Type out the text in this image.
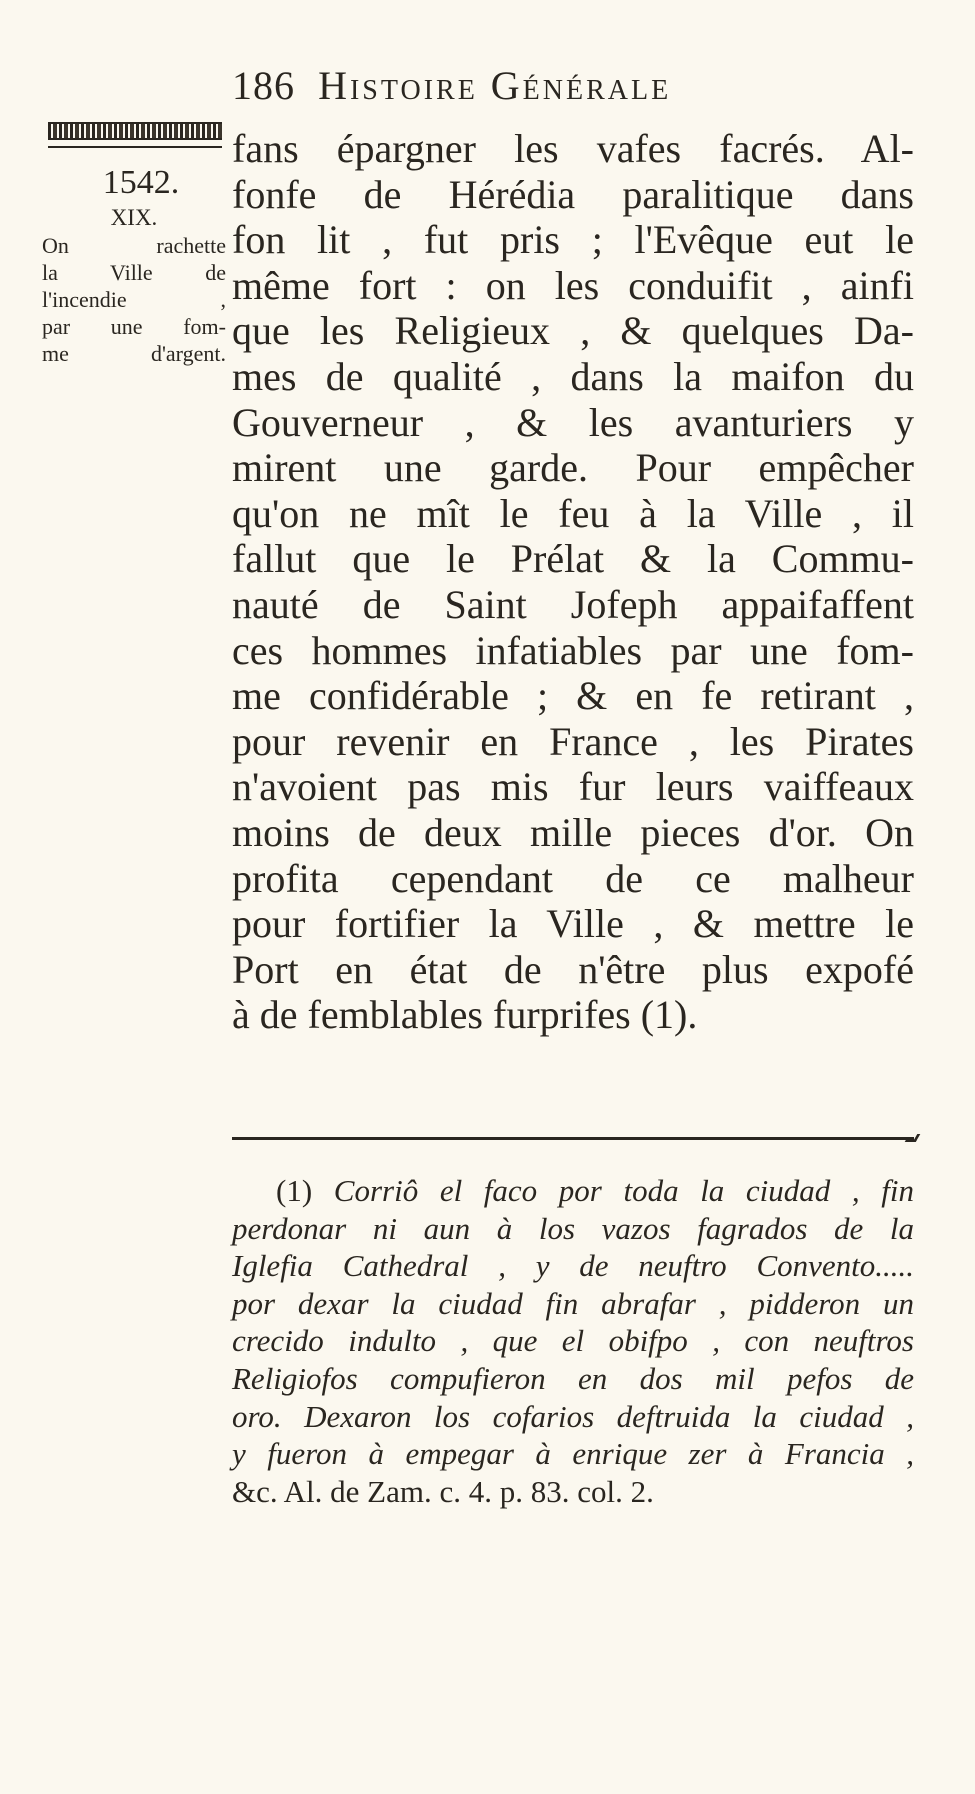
186 Histoire Générale
1542.
XIX.
On rachette
la Ville de
l'incendie ,
par une fom-
me d'argent.
fans épargner les vafes facrés. Al-
fonfe de Hérédia paralitique dans
fon lit , fut pris ; l'Evêque eut le
même fort : on les conduifit , ainfi
que les Religieux , & quelques Da-
mes de qualité , dans la maifon du
Gouverneur , & les avanturiers y
mirent une garde. Pour empêcher
qu'on ne mît le feu à la Ville , il
fallut que le Prélat & la Commu-
nauté de Saint Jofeph appaifaffent
ces hommes infatiables par une fom-
me confidérable ; & en fe retirant ,
pour revenir en France , les Pirates
n'avoient pas mis fur leurs vaiffeaux
moins de deux mille pieces d'or. On
profita cependant de ce malheur
pour fortifier la Ville , & mettre le
Port en état de n'être plus expofé
à de femblables furprifes (1).
(1) Corriô el faco por toda la ciudad , fin
perdonar ni aun à los vazos fagrados de la
Iglefia Cathedral , y de neuftro Convento.....
por dexar la ciudad fin abrafar , pidderon un
crecido indulto , que el obifpo , con neuftros
Religiofos compufieron en dos mil pefos de
oro. Dexaron los cofarios deftruida la ciudad ,
y fueron à empegar à enrique zer à Francia ,
&c. Al. de Zam. c. 4. p. 83. col. 2.
